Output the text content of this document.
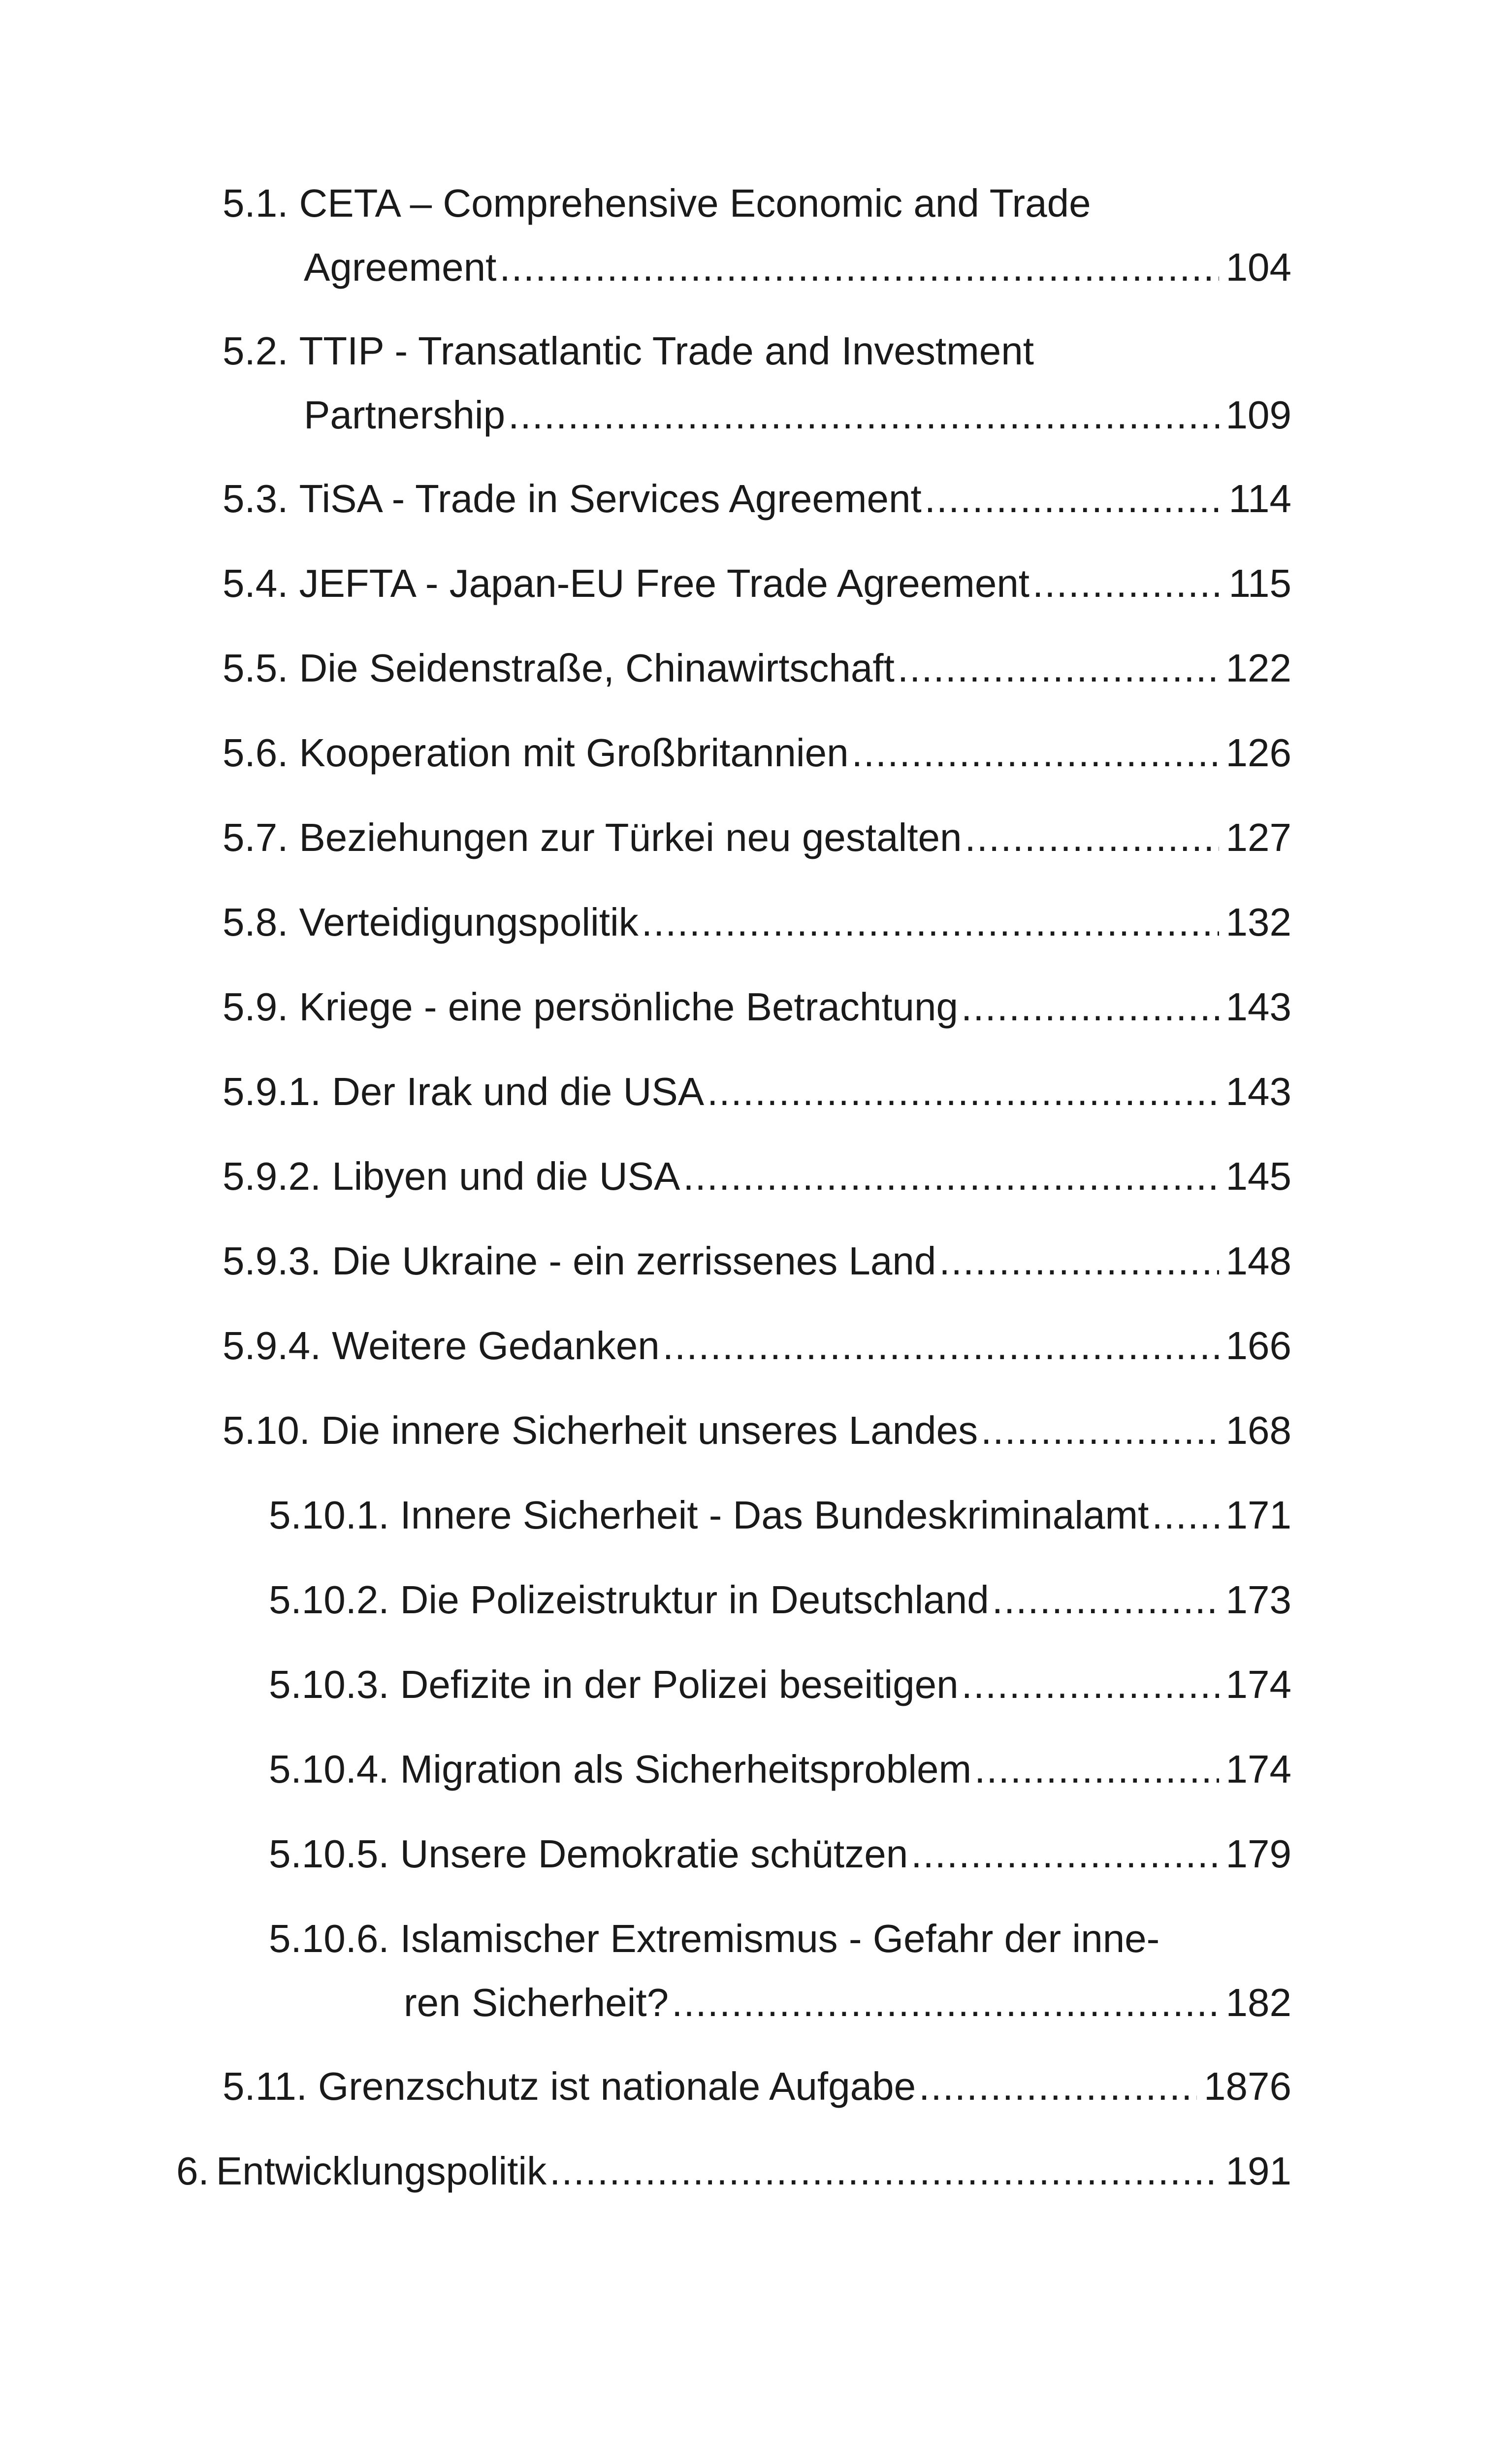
5.1. CETA – Comprehensive Economic and Trade
Agreement .....	104
5.2. TTIP - Transatlantic Trade and Investment
Partnership .....	109
5.3. TiSA - Trade in Services Agreement .....	114
5.4. JEFTA - Japan-EU Free Trade Agreement .....	115
5.5. Die Seidenstraße, Chinawirtschaft .....	122
5.6. Kooperation mit Großbritannien .....	126
5.7. Beziehungen zur Türkei neu gestalten .....	127
5.8. Verteidigungspolitik .....	132
5.9. Kriege - eine persönliche Betrachtung .....	143
5.9.1. Der Irak und die USA .....	143
5.9.2. Libyen und die USA .....	145
5.9.3. Die Ukraine - ein zerrissenes Land .....	148
5.9.4. Weitere Gedanken .....	166
5.10. Die innere Sicherheit unseres Landes .....	168
5.10.1. Innere Sicherheit - Das Bundeskriminalamt ..... 171
5.10.2. Die Polizeistruktur in Deutschland .....	173
5.10.3. Defizite in der Polizei beseitigen .....	174
5.10.4. Migration als Sicherheitsproblem .....	174
5.10.5. Unsere Demokratie schützen .....	179
5.10.6. Islamischer Extremismus - Gefahr der inne-
ren Sicherheit? .....	182
5.11. Grenzschutz ist nationale Aufgabe .....	1876
6. Entwicklungspolitik .....	191
